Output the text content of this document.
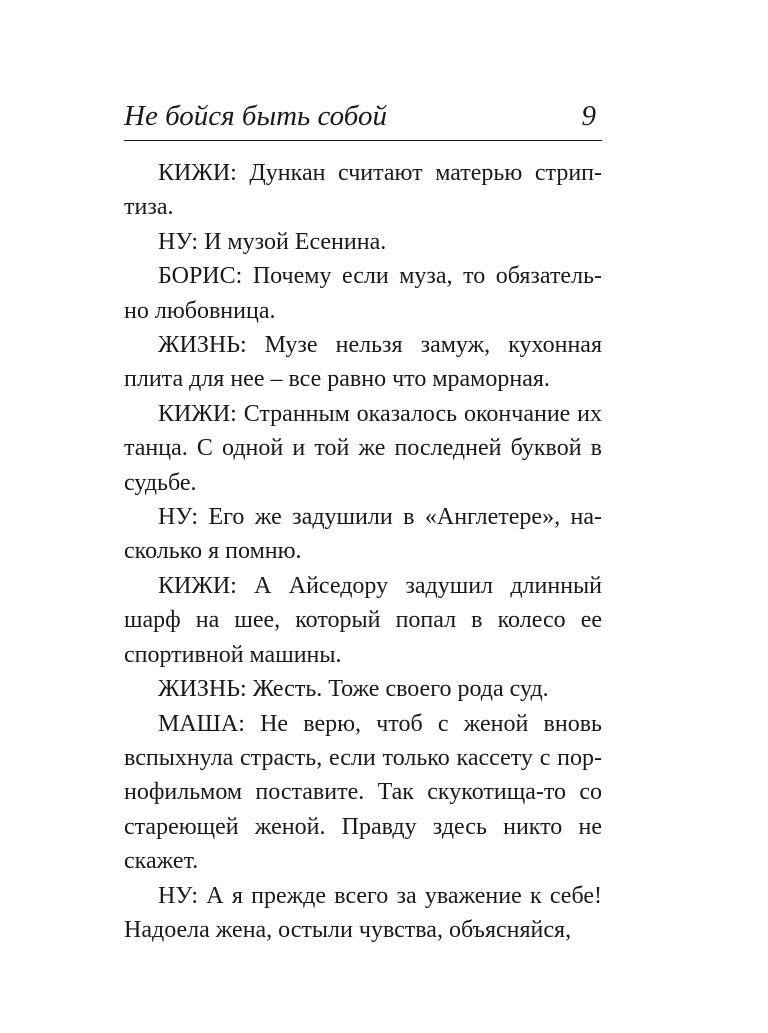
Не бойся быть собой	9

КИЖИ: Дункан считают матерью стрип-тиза.

НУ: И музой Есенина.

БОРИС: Почему если муза, то обязатель-но любовница.

ЖИЗНЬ: Музе нельзя замуж, кухонная плита для нее – все равно что мраморная.

КИЖИ: Странным оказалось окончание их танца. С одной и той же последней буквой в судьбе.

НУ: Его же задушили в «Англетере», на-сколько я помню.

КИЖИ: А Айседору задушил длинный шарф на шее, который попал в колесо ее спортивной машины.

ЖИЗНЬ: Жесть. Тоже своего рода суд.

МАША: Не верю, чтоб с женой вновь вспыхнула страсть, если только кассету с пор-нофильмом поставите. Так скукотища-то со стареющей женой. Правду здесь никто не скажет.

НУ: А я прежде всего за уважение к себе! Надоела жена, остыли чувства, объясняйся,
